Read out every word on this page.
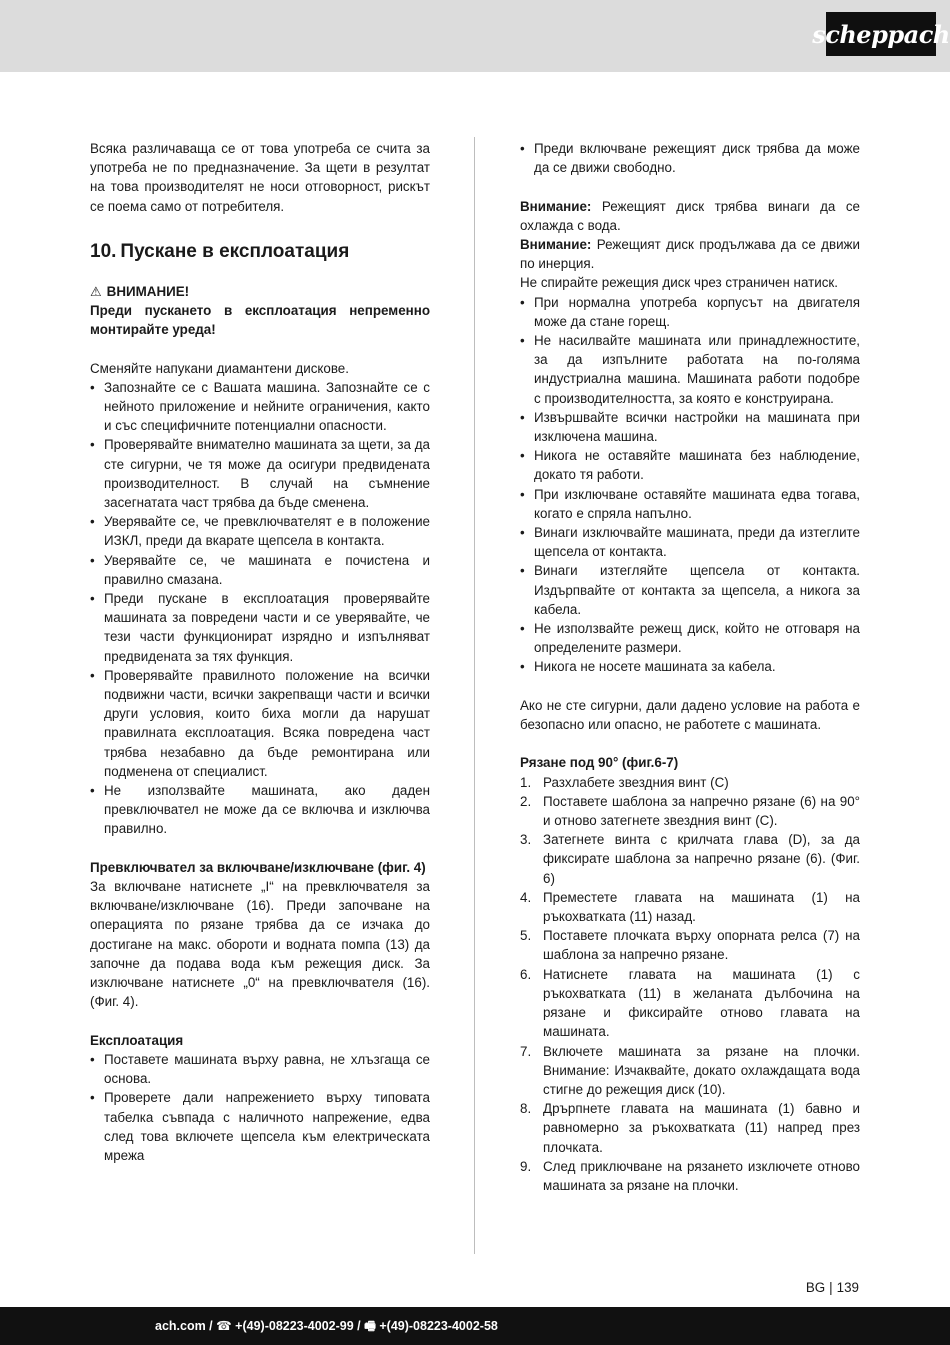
scheppach

Всяка различаваща се от това употреба се счита за употреба не по предназначение. За щети в резултат на това производителят не носи отговорност, рискът се поема само от потребителя.

10. Пускане в експлоатация
⚠ ВНИМАНИЕ!

Преди пускането в експлоатация непременно монтирайте уреда!

Сменяйте напукани диамантени дискове.

• Запознайте се с Вашата машина. Запознайте се с нейното приложение и нейните ограничения, както и със специфичните потенциални опасности.
• Проверявайте внимателно машината за щети, за да сте сигурни, че тя може да осигури предвидената производителност. В случай на съмнение засегнатата част трябва да бъде сменена.
• Уверявайте се, че превключвателят е в положение ИЗКЛ, преди да вкарате щепсела в контакта.
• Уверявайте се, че машината е почистена и правилно смазана.
• Преди пускане в експлоатация проверявайте машината за повредени части и се уверявайте, че тези части функционират изрядно и изпълняват предвидената за тях функция.
• Проверявайте правилното положение на всички подвижни части, всички закрепващи части и всички други условия, които биха могли да нарушат правилната експлоатация. Всяка повредена част трябва незабавно да бъде ремонтирана или подменена от специалист.
• Не използвайте машината, ако даден превключвател не може да се включва и изключва правилно.

Превключвател за включване/изключване (фиг. 4)

За включване натиснете „I“ на превключвателя за включване/изключване (16). Преди започване на операцията по рязане трябва да се изчака до достигане на макс. обороти и водната помпа (13) да започне да подава вода към режещия диск. За изключване натиснете „0“ на превключвателя (16). (Фиг. 4).

Експлоатация

• Поставете машината върху равна, не хлъзгаща се основа.
• Проверете дали напрежението върху типовата табелка съвпада с наличното напрежение, едва след това включете щепсела към електрическата мрежа
• Преди включване режещият диск трябва да може да се движи свободно.

Внимание: Режещият диск трябва винаги да се охлажда с вода.

Внимание: Режещият диск продължава да се движи по инерция.

Не спирайте режещия диск чрез страничен натиск.

• При нормална употреба корпусът на двигателя може да стане горещ.
• Не насилвайте машината или принадлежностите, за да изпълните работата на по-голяма индустриална машина. Машината работи подобре с производителността, за която е конструирана.
• Извършвайте всички настройки на машината при изключена машина.
• Никога не оставяйте машината без наблюдение, докато тя работи.
• При изключване оставяйте машината едва тогава, когато е спряла напълно.
• Винаги изключвайте машината, преди да изтеглите щепсела от контакта.
• Винаги изтегляйте щепсела от контакта. Издърпвайте от контакта за щепсела, а никога за кабела.
• Не използвайте режещ диск, който не отговаря на определените размери.
• Никога не носете машината за кабела.

Ако не сте сигурни, дали дадено условие на работа е безопасно или опасно, не работете с машината.

Рязане под 90° (фиг.6-7)

1. Разхлабете звездния винт (C)
2. Поставете шаблона за напречно рязане (6) на 90° и отново затегнете звездния винт (C).
3. Затегнете винта с крилчата глава (D), за да фиксирате шаблона за напречно рязане (6). (Фиг. 6)
4. Преместете главата на машината (1) на ръкохватката (11) назад.
5. Поставете плочката върху опорната релса (7) на шаблона за напречно рязане.
6. Натиснете главата на машината (1) с ръкохватката (11) в желаната дълбочина на рязане и фиксирайте отново главата на машината.
7. Включете машината за рязане на плочки. Внимание: Изчаквайте, докато охлаждащата вода стигне до режещия диск (10).
8. Дрърпнете главата на машината (1) бавно и равномерно за ръкохватката (11) напред през плочката.
9. След приключване на рязането изключете отново машината за рязане на плочки.
BG | 139
ach.com / ☎ +(49)-08223-4002-99 / 🖷 +(49)-08223-4002-58
